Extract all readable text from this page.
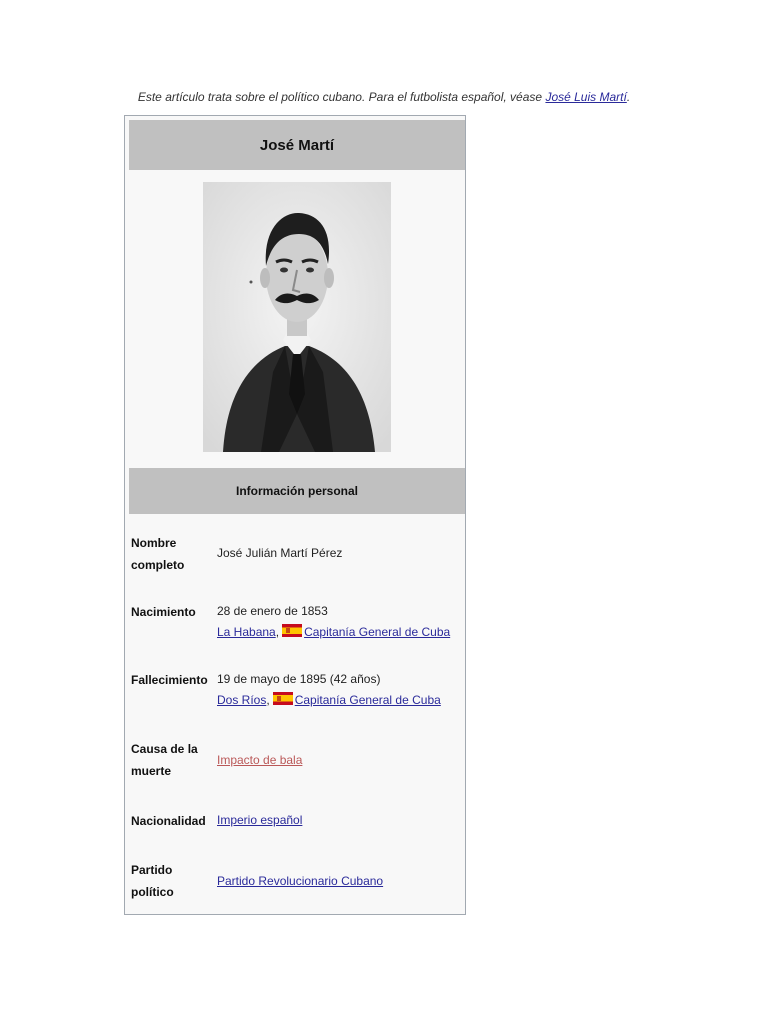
Este artículo trata sobre el político cubano. Para el futbolista español, véase José Luis Martí.
José Martí
Información personal
Nombre
completo
José Julián Martí Pérez
Nacimiento	28 de enero de 1853
La Habana, Capitanía General de Cuba
Fallecimiento 19 de mayo de 1895 (42 años)
Dos Ríos, Capitanía General de Cuba
Causa de la
muerte
Impacto de bala
Nacionalidad Imperio español
Partido
político
Partido Revolucionario Cubano
